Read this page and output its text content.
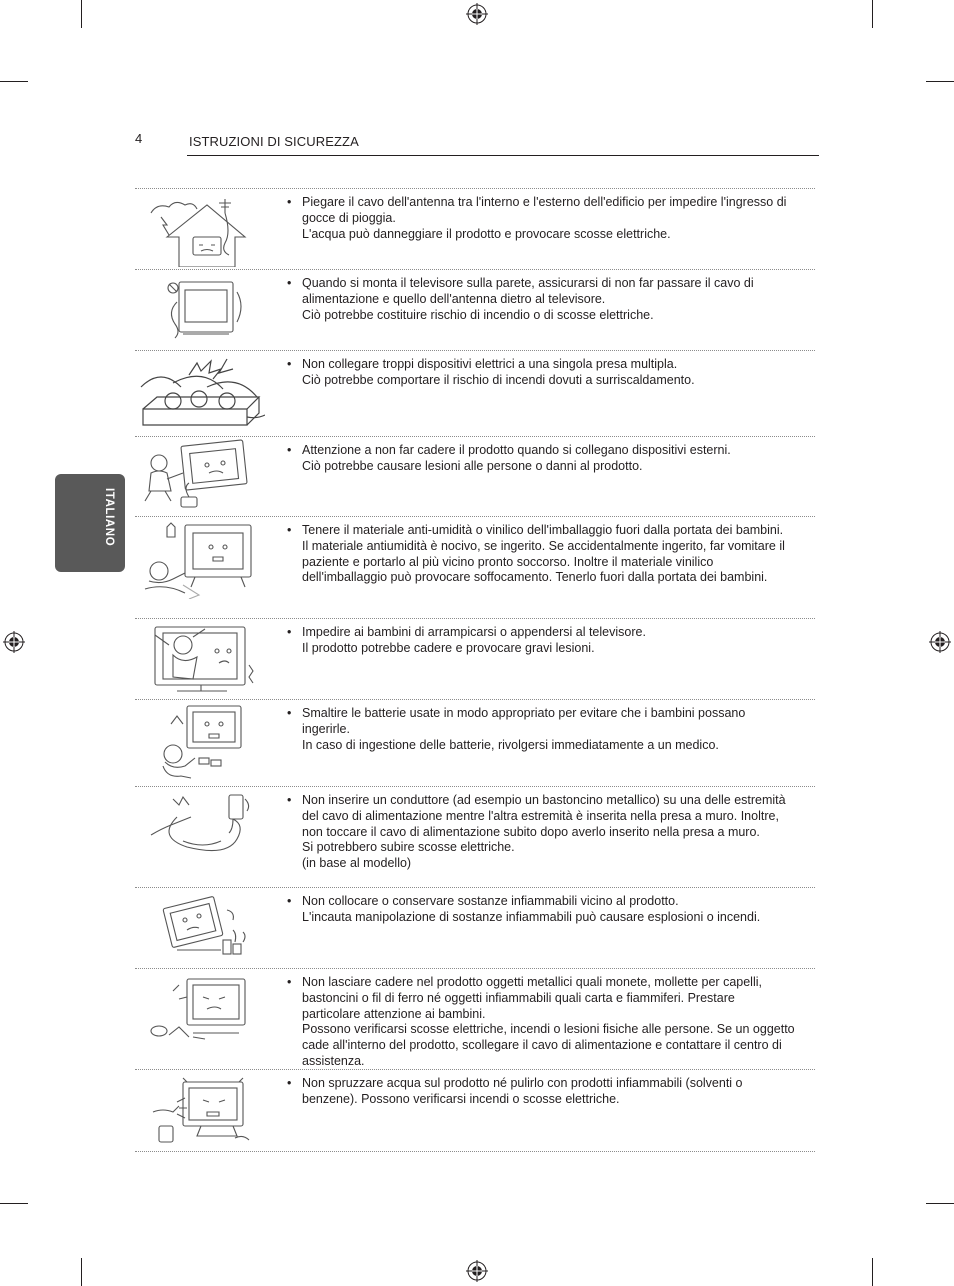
4	ISTRUZIONI DI SICUREZZA
ITALIANO
• Piegare il cavo dell'antenna tra l'interno e l'esterno dell'edificio per impedire l'ingresso di gocce di pioggia.

L'acqua può danneggiare il prodotto e provocare scosse elettriche.

• Quando si monta il televisore sulla parete, assicurarsi di non far passare il cavo di alimentazione e quello dell'antenna dietro al televisore.

Ciò potrebbe costituire rischio di incendio o di scosse elettriche.

• Non collegare troppi dispositivi elettrici a una singola presa multipla.

Ciò potrebbe comportare il rischio di incendi dovuti a surriscaldamento.

• Attenzione a non far cadere il prodotto quando si collegano dispositivi esterni.

Ciò potrebbe causare lesioni alle persone o danni al prodotto.

• Tenere il materiale anti-umidità o vinilico dell'imballaggio fuori dalla portata dei bambini.

Il materiale antiumidità è nocivo, se ingerito. Se accidentalmente ingerito, far vomitare il paziente e portarlo al più vicino pronto soccorso. Inoltre il materiale vinilico dell'imballaggio può provocare soffocamento. Tenerlo fuori dalla portata dei bambini.

• Impedire ai bambini di arrampicarsi o appendersi al televisore.

Il prodotto potrebbe cadere e provocare gravi lesioni.

• Smaltire le batterie usate in modo appropriato per evitare che i bambini possano ingerirle.

In caso di ingestione delle batterie, rivolgersi immediatamente a un medico.

• Non inserire un conduttore (ad esempio un bastoncino metallico) su una delle estremità del cavo di alimentazione mentre l'altra estremità è inserita nella presa a muro. Inoltre, non toccare il cavo di alimentazione subito dopo averlo inserito nella presa a muro.

Si potrebbero subire scosse elettriche.

(in base al modello)

• Non collocare o conservare sostanze infiammabili vicino al prodotto.

L'incauta manipolazione di sostanze infiammabili può causare esplosioni o incendi.

• Non lasciare cadere nel prodotto oggetti metallici quali monete, mollette per capelli, bastoncini o fil di ferro né oggetti infiammabili quali carta e fiammiferi. Prestare particolare attenzione ai bambini.

Possono verificarsi scosse elettriche, incendi o lesioni fisiche alle persone. Se un oggetto cade all'interno del prodotto, scollegare il cavo di alimentazione e contattare il centro di assistenza.

• Non spruzzare acqua sul prodotto né pulirlo con prodotti infiammabili (solventi o benzene). Possono verificarsi incendi o scosse elettriche.
